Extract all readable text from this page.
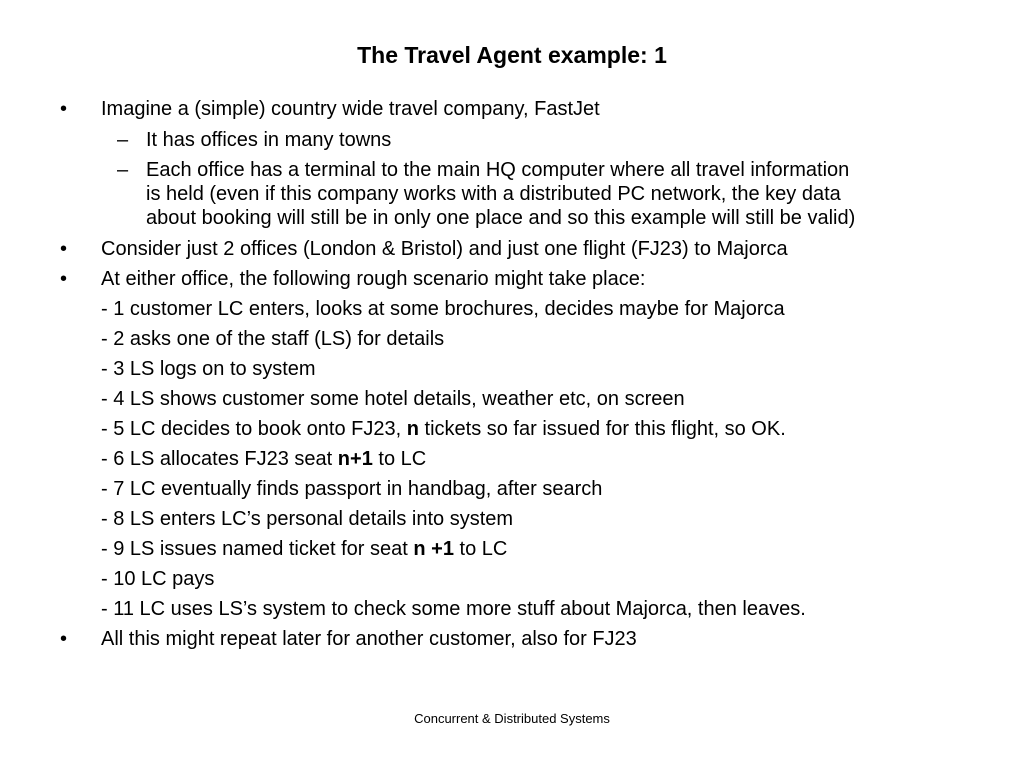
The Travel Agent example: 1
• Imagine a (simple) country wide travel company, FastJet
– It has offices in many towns
– Each office has a terminal to the main HQ computer where all travel information
is held (even if this company works with a distributed PC network, the key data
about booking will still be in only one place and so this example will still be valid)
• Consider just 2 offices (London & Bristol) and just one flight (FJ23) to Majorca
• At either office, the following rough scenario might take place:
- 1 customer LC enters, looks at some brochures, decides maybe for Majorca
- 2 asks one of the staff (LS) for details
- 3 LS logs on to system
- 4 LS shows customer some hotel details, weather etc, on screen
- 5 LC decides to book onto FJ23, n tickets so far issued for this flight, so OK.
- 6 LS allocates FJ23 seat n+1 to LC
- 7 LC eventually finds passport in handbag, after search
- 8 LS enters LC’s personal details into system
- 9 LS issues named ticket for seat n +1 to LC
- 10 LC pays
- 11 LC uses LS’s system to check some more stuff about Majorca, then leaves.
• All this might repeat later for another customer, also for FJ23
Concurrent & Distributed Systems
